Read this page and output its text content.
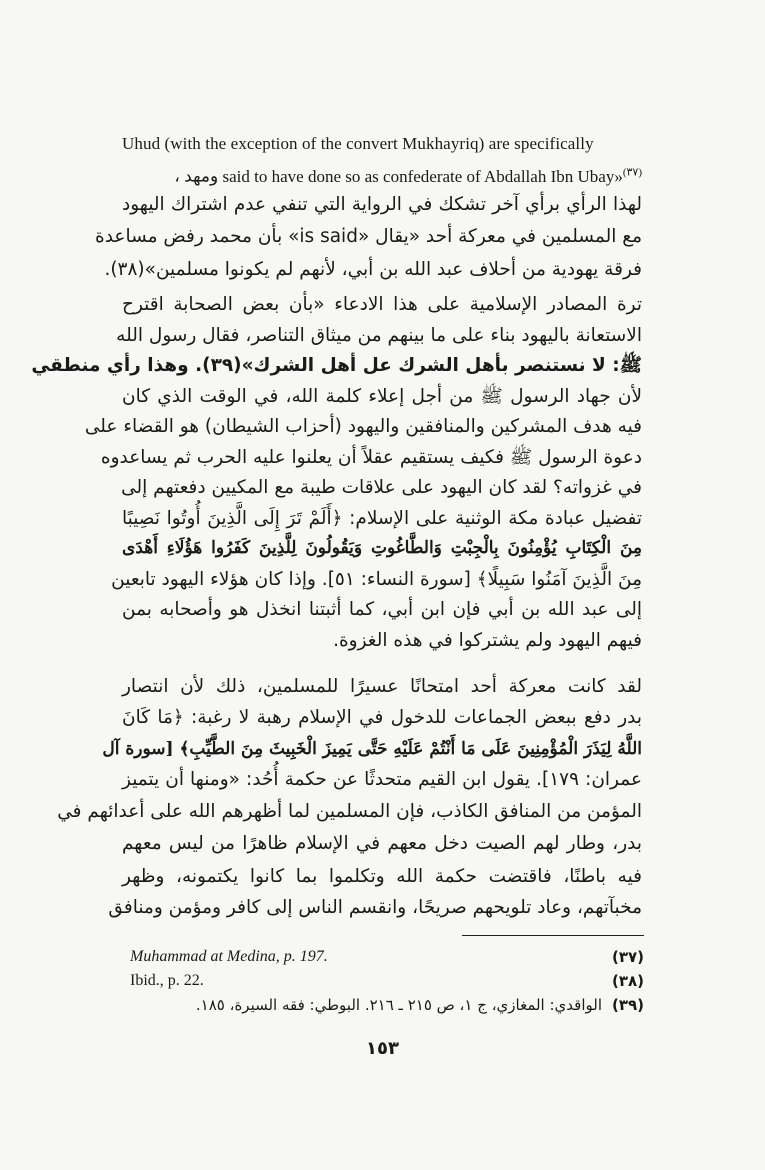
Uhud (with the exception of the convert Mukhayriq) are specifically
، ومهد said to have done so as confederate of Abdallah Ibn Ubay»$^{(٣٧)}$
لهذا الرأي برأي آخر تشكك في الرواية التي تنفي عدم اشتراك اليهود
مع المسلمين في معركة أحد «يقال «is said» بأن محمد رفض مساعدة
فرقة يهودية من أحلاف عبد الله بن أبي، لأنهم لم يكونوا مسلمين»(٣٨).
ترة المصادر الإسلامية على هذا الادعاء «بأن بعض الصحابة اقترح
الاستعانة باليهود بناء على ما بينهم من ميثاق التناصر، فقال رسول الله
ﷺ: لا نستنصر بأهل الشرك عل أهل الشرك»(٣٩). وهذا رأي منطقي
لأن جهاد الرسول ﷺ من أجل إعلاء كلمة الله، في الوقت الذي كان
فيه هدف المشركين والمنافقين واليهود (أحزاب الشيطان) هو القضاء على
دعوة الرسول ﷺ فكيف يستقيم عقلاً أن يعلنوا عليه الحرب ثم يساعدوه
في غزواته؟ لقد كان اليهود على علاقات طيبة مع المكيين دفعتهم إلى
تفضيل عبادة مكة الوثنية على الإسلام: ﴿أَلَمْ تَرَ إِلَى الَّذِينَ أُوتُوا نَصِيبًا
مِنَ الْكِتَابِ يُؤْمِنُونَ بِالْجِبْتِ وَالطَّاغُوتِ وَيَقُولُونَ لِلَّذِينَ كَفَرُوا هَؤُلَاءِ أَهْدَى
مِنَ الَّذِينَ آمَنُوا سَبِيلًا﴾ [سورة النساء: ٥١]. وإذا كان هؤلاء اليهود تابعين
إلى عبد الله بن أبي فإن ابن أبي، كما أثبتنا انخذل هو وأصحابه بمن
فيهم اليهود ولم يشتركوا في هذه الغزوة.
لقد كانت معركة أحد امتحانًا عسيرًا للمسلمين، ذلك لأن انتصار
بدر دفع ببعض الجماعات للدخول في الإسلام رهبة لا رغبة: ﴿مَا كَانَ
اللَّهُ لِيَذَرَ الْمُؤْمِنِينَ عَلَى مَا أَنْتُمْ عَلَيْهِ حَتَّى يَمِيزَ الْخَبِيثَ مِنَ الطَّيِّبِ﴾ [سورة آل
عمران: ١٧٩]. يقول ابن القيم متحدثًا عن حكمة أُحُد: «ومنها أن يتميز
المؤمن من المنافق الكاذب، فإن المسلمين لما أظهرهم الله على أعدائهم في
بدر، وطار لهم الصيت دخل معهم في الإسلام ظاهرًا من ليس معهم
Muhammad at Medina, p. 197.	(٣٧)
Ibid., p. 22.	(٣٨)
الواقدي: المغازي، ج ١، ص ٢١٥ ـ ٢١٦. البوطي: فقه السيرة، ١٨٥. (٣٩)
١٥٣
فيه باطنًا، فاقتضت حكمة الله وتكلموا بما كانوا يكتمونه، وظهر
مخبآتهم، وعاد تلويحهم صريحًا، وانقسم الناس إلى كافر ومؤمن ومنافق
